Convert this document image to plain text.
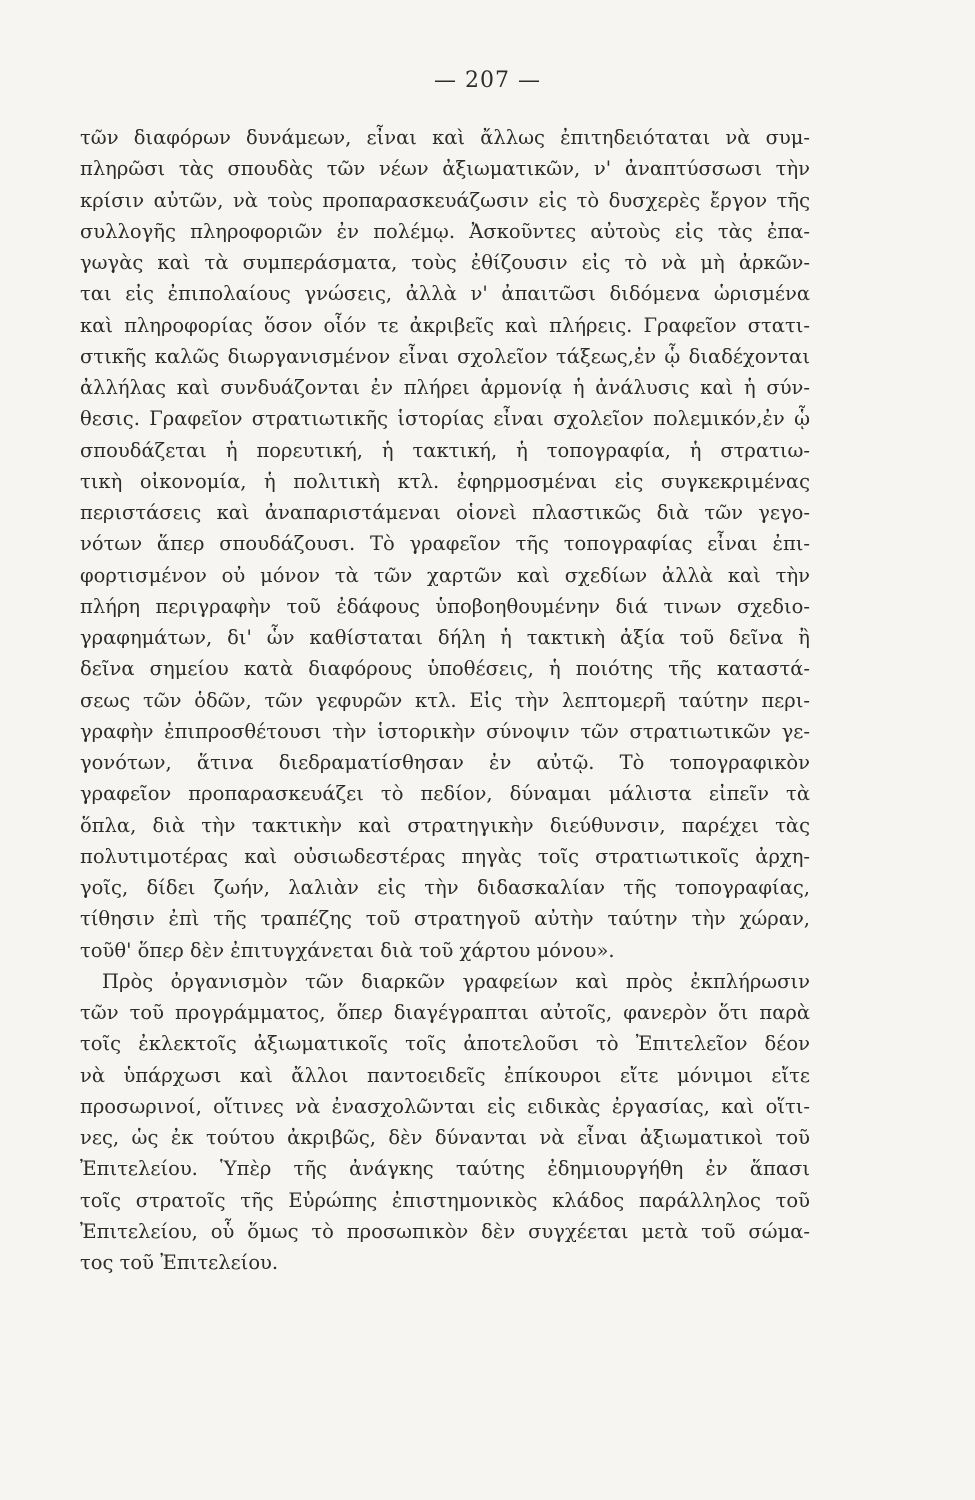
— 207 —
τῶν διαφόρων δυνάμεων, εἶναι καὶ ἄλλως ἐπιτηδειόταται νὰ συμ-
πληρῶσι τὰς σπουδὰς τῶν νέων ἀξιωματικῶν, ν' ἀναπτύσσωσι τὴν
κρίσιν αὐτῶν, νὰ τοὺς προπαρασκευάζωσιν εἰς τὸ δυσχερὲς ἔργον τῆς
συλλογῆς πληροφοριῶν ἐν πολέμῳ. Ἀσκοῦντες αὐτοὺς εἰς τὰς ἐπα-
γωγὰς καὶ τὰ συμπεράσματα, τοὺς ἐθίζουσιν εἰς τὸ νὰ μὴ ἀρκῶν-
ται εἰς ἐπιπολαίους γνώσεις, ἀλλὰ ν' ἀπαιτῶσι διδόμενα ὡρισμένα
καὶ πληροφορίας ὅσον οἷόν τε ἀκριβεῖς καὶ πλήρεις. Γραφεῖον στατι-
στικῆς καλῶς διωργανισμένον εἶναι σχολεῖον τάξεως,ἐν ᾧ διαδέχονται
ἀλλήλας καὶ συνδυάζονται ἐν πλήρει ἁρμονίᾳ ἡ ἀνάλυσις καὶ ἡ σύν-
θεσις. Γραφεῖον στρατιωτικῆς ἱστορίας εἶναι σχολεῖον πολεμικόν,ἐν ᾧ
σπουδάζεται ἡ πορευτική, ἡ τακτική, ἡ τοπογραφία, ἡ στρατιω-
τικὴ οἰκονομία, ἡ πολιτικὴ κτλ. ἐφηρμοσμέναι εἰς συγκεκριμένας
περιστάσεις καὶ ἀναπαριστάμεναι οἱονεὶ πλαστικῶς διὰ τῶν γεγο-
νότων ἅπερ σπουδάζουσι. Τὸ γραφεῖον τῆς τοπογραφίας εἶναι ἐπι-
φορτισμένον οὐ μόνον τὰ τῶν χαρτῶν καὶ σχεδίων ἀλλὰ καὶ τὴν
πλήρη περιγραφὴν τοῦ ἐδάφους ὑποβοηθουμένην διά τινων σχεδιο-
γραφημάτων, δι' ὧν καθίσταται δήλη ἡ τακτικὴ ἀξία τοῦ δεῖνα ἢ
δεῖνα σημείου κατὰ διαφόρους ὑποθέσεις, ἡ ποιότης τῆς καταστά-
σεως τῶν ὁδῶν, τῶν γεφυρῶν κτλ. Εἰς τὴν λεπτομερῆ ταύτην περι-
γραφὴν ἐπιπροσθέτουσι τὴν ἱστορικὴν σύνοψιν τῶν στρατιωτικῶν γε-
γονότων, ἅτινα διεδραματίσθησαν ἐν αὐτῷ. Τὸ τοπογραφικὸν
γραφεῖον προπαρασκευάζει τὸ πεδίον, δύναμαι μάλιστα εἰπεῖν τὰ
ὅπλα, διὰ τὴν τακτικὴν καὶ στρατηγικὴν διεύθυνσιν, παρέχει τὰς
πολυτιμοτέρας καὶ οὐσιωδεστέρας πηγὰς τοῖς στρατιωτικοῖς ἀρχη-
γοῖς, δίδει ζωήν, λαλιὰν εἰς τὴν διδασκαλίαν τῆς τοπογραφίας,
τίθησιν ἐπὶ τῆς τραπέζης τοῦ στρατηγοῦ αὐτὴν ταύτην τὴν χώραν,
τοῦθ' ὅπερ δὲν ἐπιτυγχάνεται διὰ τοῦ χάρτου μόνου».
Πρὸς ὀργανισμὸν τῶν διαρκῶν γραφείων καὶ πρὸς ἐκπλήρωσιν
τῶν τοῦ προγράμματος, ὅπερ διαγέγραπται αὐτοῖς, φανερὸν ὅτι παρὰ
τοῖς ἐκλεκτοῖς ἀξιωματικοῖς τοῖς ἀποτελοῦσι τὸ Ἐπιτελεῖον δέον
νὰ ὑπάρχωσι καὶ ἄλλοι παντοειδεῖς ἐπίκουροι εἴτε μόνιμοι εἴτε
προσωρινοί, οἵτινες νὰ ἐνασχολῶνται εἰς ειδικὰς ἐργασίας, καὶ οἵτι-
νες, ὡς ἐκ τούτου ἀκριβῶς, δὲν δύνανται νὰ εἶναι ἀξιωματικοὶ τοῦ
Ἐπιτελείου. Ὑπὲρ τῆς ἀνάγκης ταύτης ἐδημιουργήθη ἐν ἅπασι
τοῖς στρατοῖς τῆς Εὐρώπης ἐπιστημονικὸς κλάδος παράλληλος τοῦ
Ἐπιτελείου, οὗ ὅμως τὸ προσωπικὸν δὲν συγχέεται μετὰ τοῦ σώμα-
τος τοῦ Ἐπιτελείου.
